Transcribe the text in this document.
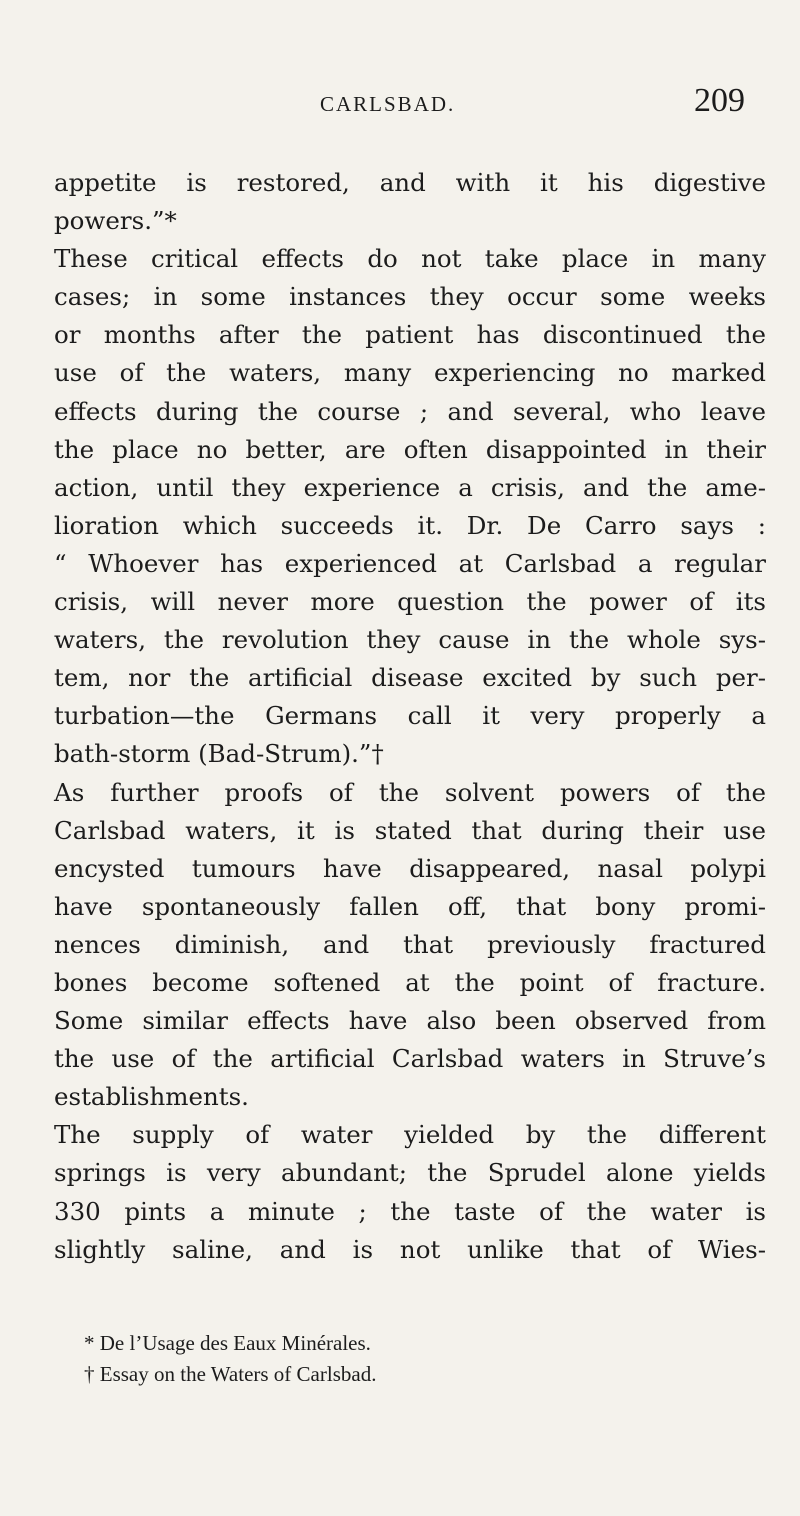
CARLSBAD.	209
appetite is restored, and with it his digestive
powers.”*
These critical effects do not take place in many
cases; in some instances they occur some weeks
or months after the patient has discontinued the
use of the waters, many experiencing no marked
effects during the course ; and several, who leave
the place no better, are often disappointed in their
action, until they experience a crisis, and the ame-
lioration which succeeds it. Dr. De Carro says :
“ Whoever has experienced at Carlsbad a regular
crisis, will never more question the power of its
waters, the revolution they cause in the whole sys-
tem, nor the artificial disease excited by such per-
turbation—the Germans call it very properly a
bath-storm (Bad-Strum).”†
As further proofs of the solvent powers of the
Carlsbad waters, it is stated that during their use
encysted tumours have disappeared, nasal polypi
have spontaneously fallen off, that bony promi-
nences diminish, and that previously fractured
bones become softened at the point of fracture.
Some similar effects have also been observed from
the use of the artificial Carlsbad waters in Struve’s
establishments.
The supply of water yielded by the different
springs is very abundant; the Sprudel alone yields
330 pints a minute ; the taste of the water is
slightly saline, and is not unlike that of Wies-
* De l’Usage des Eaux Minérales.
† Essay on the Waters of Carlsbad.
